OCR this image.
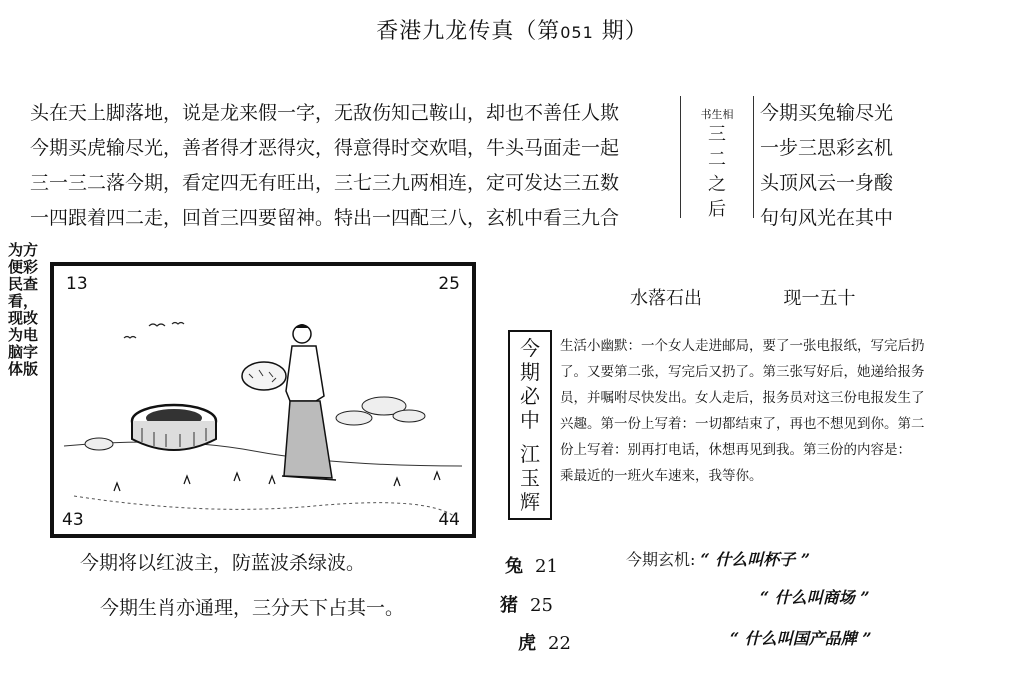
香港九龙传真（第051 期）
头在天上脚落地，说是龙来假一字，无敌伤知己鞍山，却也不善任人欺
今期买虎输尽光，善者得才恶得灾，得意得时交欢唱，牛头马面走一起
三一三二落今期，看定四无有旺出，三七三九两相连，定可发达三五数
一四跟着四二走，回首三四要留神。特出一四配三八，玄机中看三九合
书生相
三
二
之
后
今期买兔输尽光
一步三思彩玄机
头顶风云一身酸
句句风光在其中
为方便彩民查看，现改为电脑字体版
13	25
43	44
水落石出	现一五十
今
期
必
中
江
玉
辉
生活小幽默：一个女人走进邮局，要了一张电报纸，写完后扔
了。又要第二张，写完后又扔了。第三张写好后，她递给报务
员，并嘱咐尽快发出。女人走后，报务员对这三份电报发生了
兴趣。第一份上写着：一切都结束了，再也不想见到你。第二
份上写着：别再打电话，休想再见到我。第三份的内容是：
乘最近的一班火车速来，我等你。
今期将以红波主，防蓝波杀绿波。
今期生肖亦通理，三分天下占其一。
兔 21
猪 25
虎 22
今期玄机: “ 什么叫杯子 ”
“ 什么叫商场 ”
“ 什么叫国产品牌 ”
